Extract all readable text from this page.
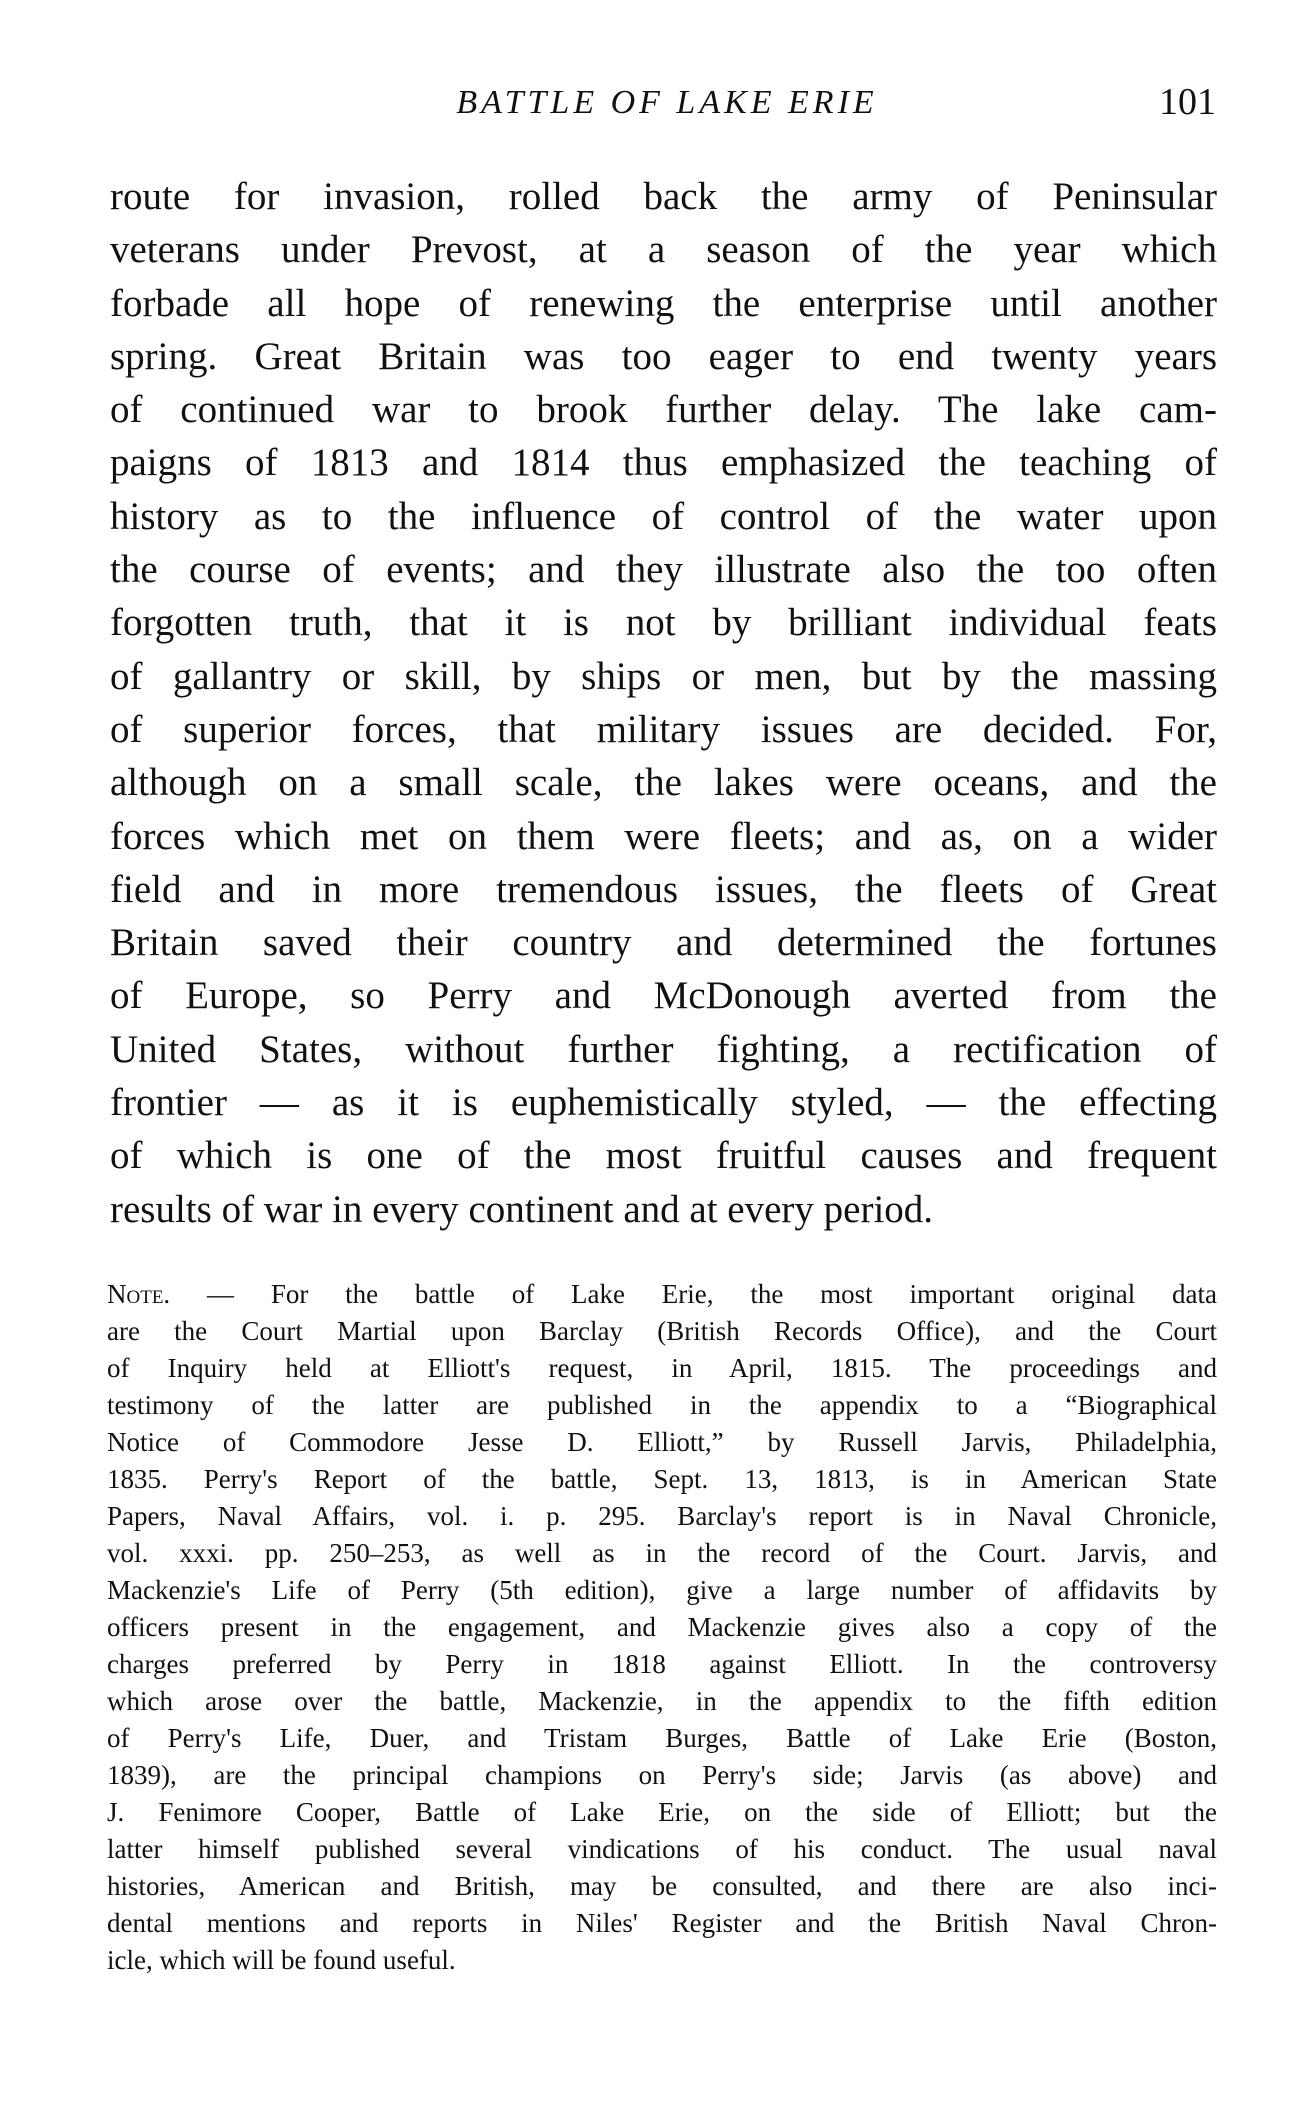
BATTLE OF LAKE ERIE	101
route for invasion, rolled back the army of Peninsular
veterans under Prevost, at a season of the year which
forbade all hope of renewing the enterprise until another
spring. Great Britain was too eager to end twenty years
of continued war to brook further delay. The lake cam-
paigns of 1813 and 1814 thus emphasized the teaching of
history as to the influence of control of the water upon
the course of events; and they illustrate also the too often
forgotten truth, that it is not by brilliant individual feats
of gallantry or skill, by ships or men, but by the massing
of superior forces, that military issues are decided. For,
although on a small scale, the lakes were oceans, and the
forces which met on them were fleets; and as, on a wider
field and in more tremendous issues, the fleets of Great
Britain saved their country and determined the fortunes
of Europe, so Perry and McDonough averted from the
United States, without further fighting, a rectification of
frontier — as it is euphemistically styled, — the effecting
of which is one of the most fruitful causes and frequent
results of war in every continent and at every period.
Note. — For the battle of Lake Erie, the most important original data
are the Court Martial upon Barclay (British Records Office), and the Court
of Inquiry held at Elliott's request, in April, 1815. The proceedings and
testimony of the latter are published in the appendix to a “Biographical
Notice of Commodore Jesse D. Elliott,” by Russell Jarvis, Philadelphia,
1835. Perry's Report of the battle, Sept. 13, 1813, is in American State
Papers, Naval Affairs, vol. i. p. 295. Barclay's report is in Naval Chronicle,
vol. xxxi. pp. 250–253, as well as in the record of the Court. Jarvis, and
Mackenzie's Life of Perry (5th edition), give a large number of affidavits by
officers present in the engagement, and Mackenzie gives also a copy of the
charges preferred by Perry in 1818 against Elliott. In the controversy
which arose over the battle, Mackenzie, in the appendix to the fifth edition
of Perry's Life, Duer, and Tristam Burges, Battle of Lake Erie (Boston,
1839), are the principal champions on Perry's side; Jarvis (as above) and
J. Fenimore Cooper, Battle of Lake Erie, on the side of Elliott; but the
latter himself published several vindications of his conduct. The usual naval
histories, American and British, may be consulted, and there are also inci-
dental mentions and reports in Niles' Register and the British Naval Chron-
icle, which will be found useful.
